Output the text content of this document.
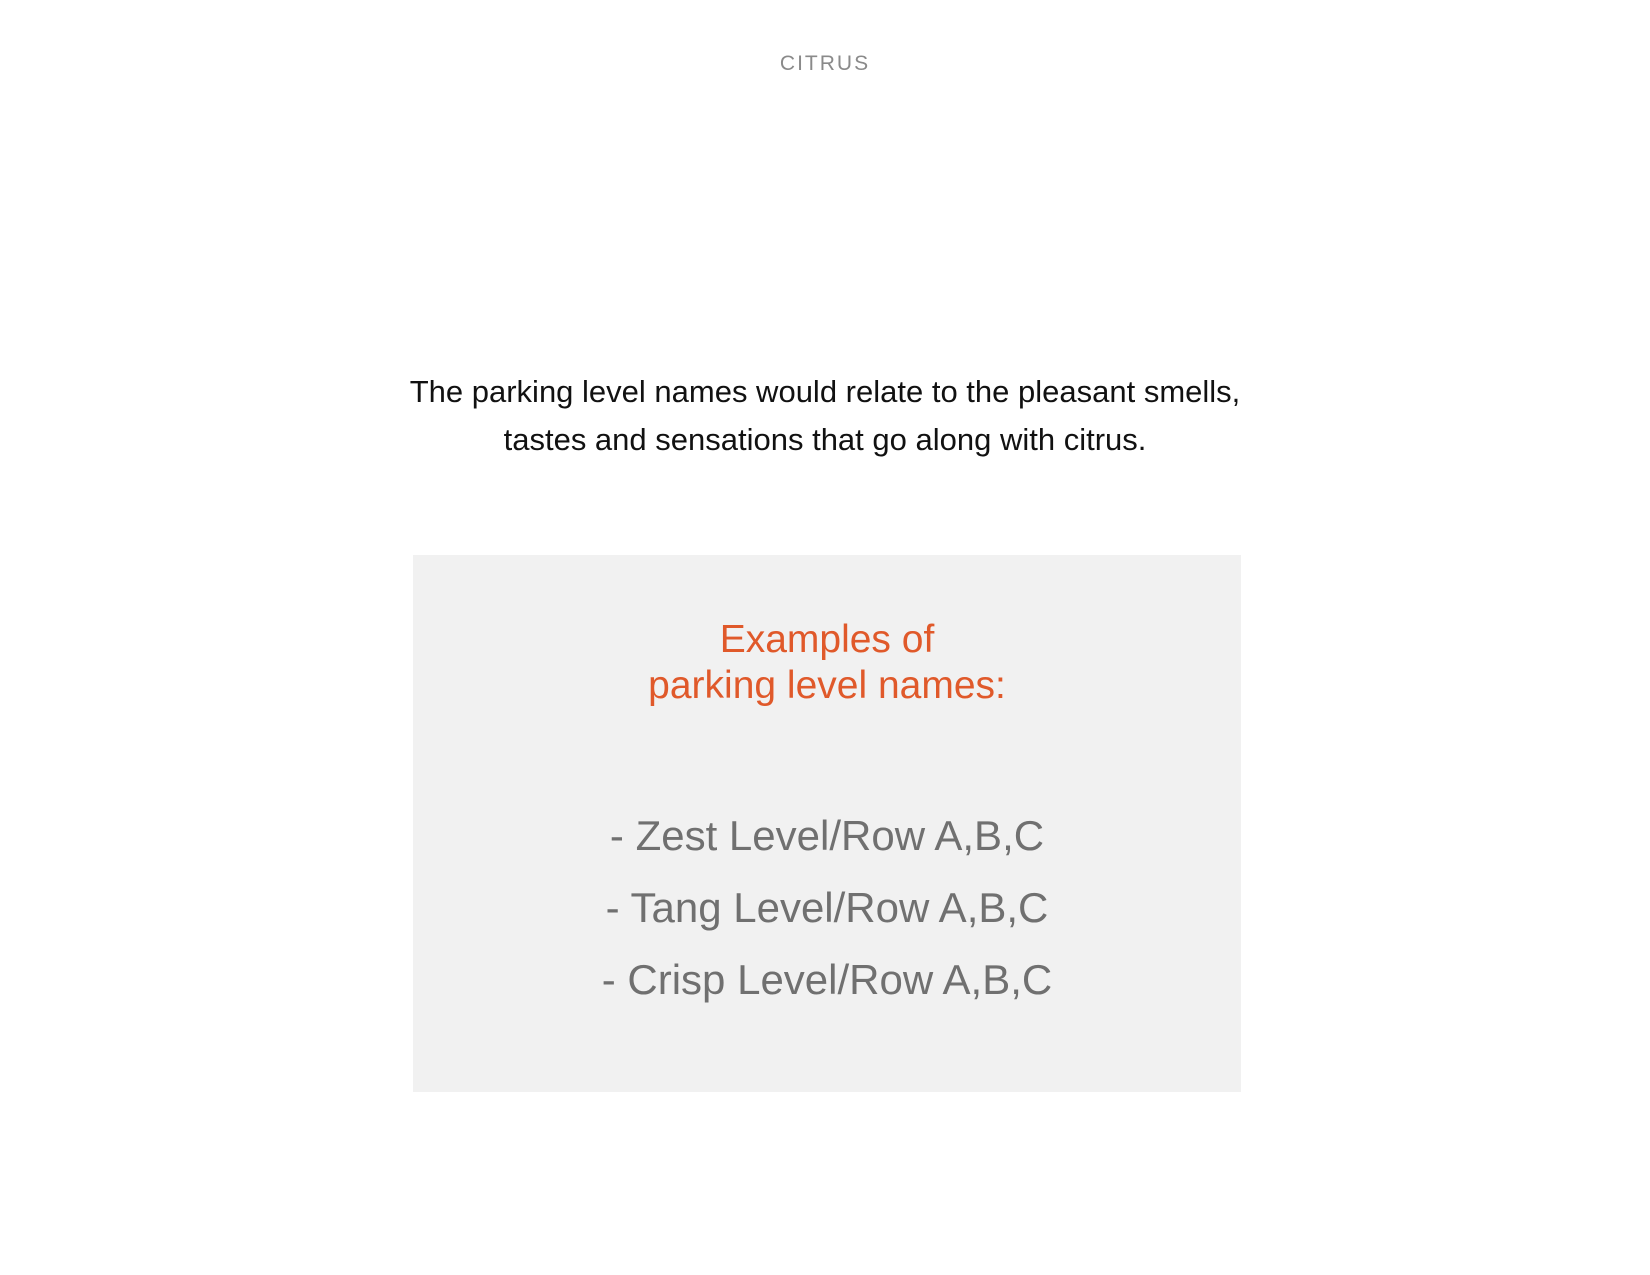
CITRUS
The parking level names would relate to the pleasant smells,
tastes and sensations that go along with citrus.
Examples of
parking level names:
- Zest Level/Row A,B,C
- Tang Level/Row A,B,C
- Crisp Level/Row A,B,C
